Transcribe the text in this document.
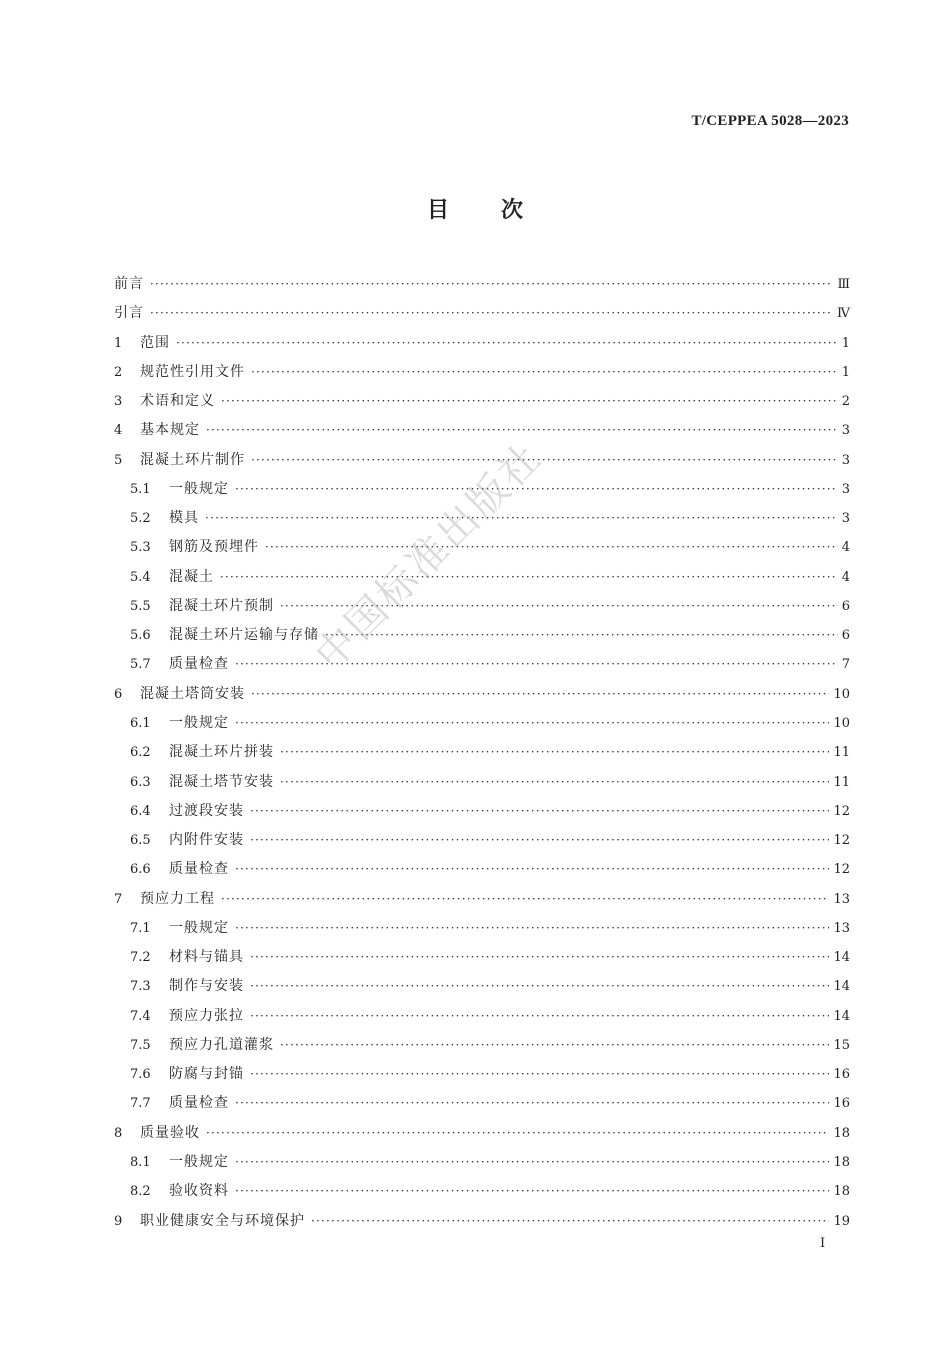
T/CEPPEA 5028—2023
目次
前言 ·····	Ⅲ
引言 ·····	Ⅳ
1	范围 ·····	1
2	规范性引用文件 ·····	1
3	术语和定义 ·····	2
4	基本规定 ·····	3
5	混凝土环片制作 ·····	3
5.1	一般规定 ·····	3
5.2	模具 ·····	3
5.3	钢筋及预埋件 ·····	4
5.4	混凝土 ·····	4
5.5	混凝土环片预制 ·····	6
5.6	混凝土环片运输与存储 ·····	6
5.7	质量检查 ·····	7
6	混凝土塔筒安装 ·····	10
6.1	一般规定 ·····	10
6.2	混凝土环片拼装 ·····	11
6.3	混凝土塔节安装 ·····	11
6.4	过渡段安装 ·····	12
6.5	内附件安装 ·····	12
6.6	质量检查 ·····	12
7	预应力工程 ·····	13
7.1	一般规定 ·····	13
7.2	材料与锚具 ·····	14
7.3	制作与安装 ·····	14
7.4	预应力张拉 ·····	14
7.5	预应力孔道灌浆 ·····	15
7.6	防腐与封锚 ·····	16
7.7	质量检查 ·····	16
8	质量验收 ·····	18
8.1	一般规定 ·····	18
8.2	验收资料 ·····	18
9	职业健康安全与环境保护 ·····	19
Ⅰ
中国标准出版社
